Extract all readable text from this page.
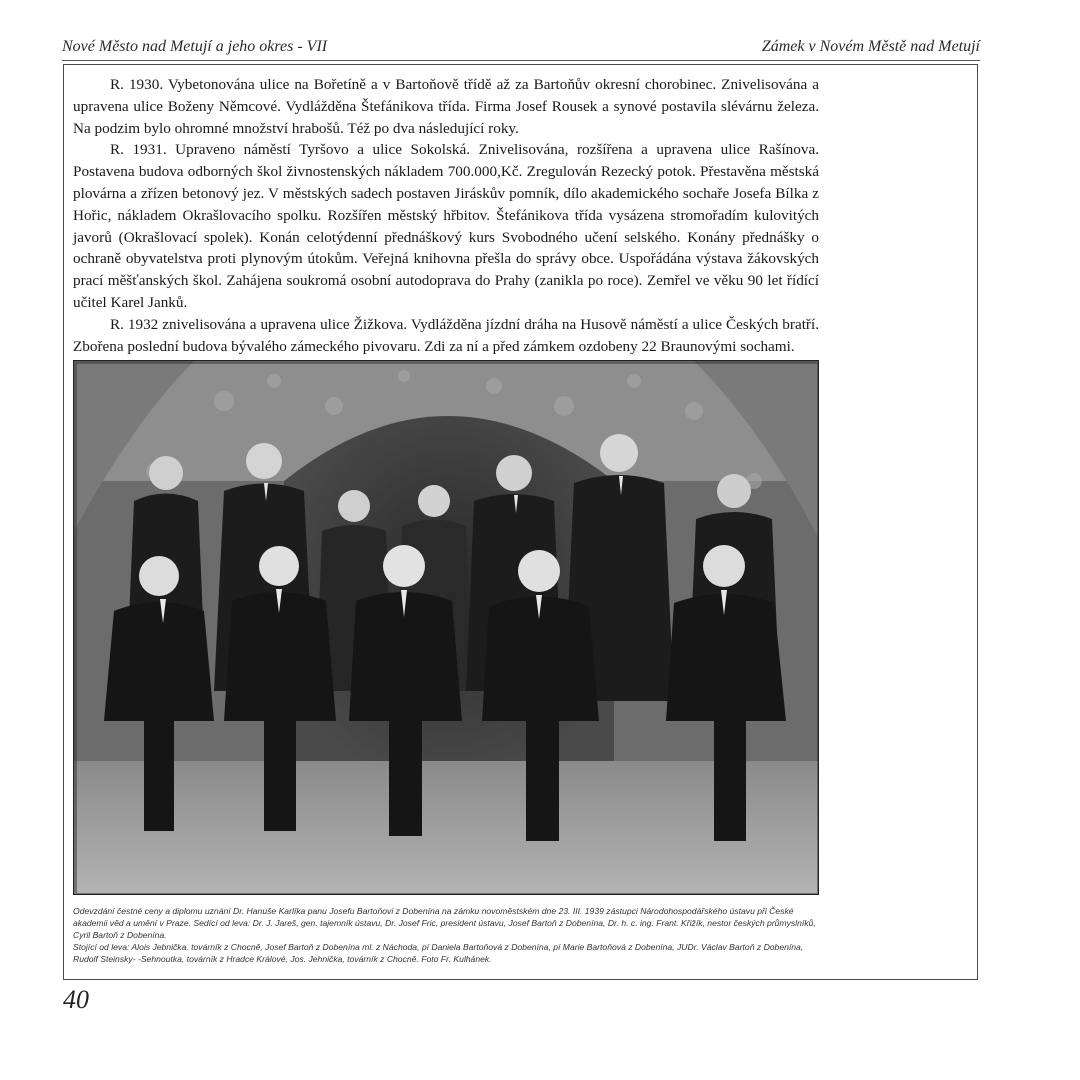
Nové Město nad Metují a jeho okres - VII	Zámek v Novém Městě nad Metují

R. 1930. Vybetonována ulice na Bořetíně a v Bartoňově třídě až za Bartoňův okresní chorobinec. Znivelisována a upravena ulice Boženy Němcové. Vydlážděna Štefánikova třída. Firma Josef Rousek a synové postavila slévárnu železa. Na podzim bylo ohromné množství hrabošů. Též po dva následující roky.

R. 1931. Upraveno náměstí Tyršovo a ulice Sokolská. Znivelisována, rozšířena a upravena ulice Rašínova. Postavena budova odborných škol živnostenských nákladem 700.000,Kč. Zregulován Rezecký potok. Přestavěna městská plovárna a zřízen betonový jez. V městských sadech postaven Jiráskův pomník, dílo akademického sochaře Josefa Bílka z Hořic, nákladem Okrašlovacího spolku. Rozšířen městský hřbitov. Štefánikova třída vysázena stromořadím kulovitých javorů (Okrašlovací spolek). Konán celotýdenní přednáškový kurs Svobodného učení selského. Konány přednášky o ochraně obyvatelstva proti plynovým útokům. Veřejná knihovna přešla do správy obce. Uspořádána výstava žákovských prací měšťanských škol. Zahájena soukromá osobní autodoprava do Prahy (zanikla po roce). Zemřel ve věku 90 let řídící učitel Karel Janků.

R. 1932 znivelisována a upravena ulice Žižkova. Vydlážděna jízdní dráha na Husově náměstí a ulice Českých bratří. Zbořena poslední budova bývalého zámeckého pivovaru. Zdi za ní a před zámkem ozdobeny 22 Braunovými sochami.

Odevzdání čestné ceny a diplomu uznání Dr. Hanuše Karlíka panu Josefu Bartoňovi z Dobenína na zámku novoměstském dne 23. III. 1939 zástupci Národohospodářského ústavu při České akademii věd a umění v Praze. Sedící od leva: Dr. J. Jareš, gen. tajemník ústavu, Dr. Josef Fric, president ústavu, Josef Bartoň z Dobenína, Dr. h. c. ing. Frant. Křižík, nestor českých průmyslníků, Cyril Bartoň z Dobenína.

Stojící od leva: Alois Jebnička. továrník z Chocně, Josef Bartoň z Dobenína ml. z Náchoda, pí Daniela Bartoňová z Dobenína, pí Marie Bartoňová z Dobenína, JUDr. Václav Bartoň z Dobenína, Rudolf Steinsky- -Sehnoutka, továrník z Hradce Králové, Jos. Jehnička, továrník z Chocně. Foto Fr. Kulhánek.

40
